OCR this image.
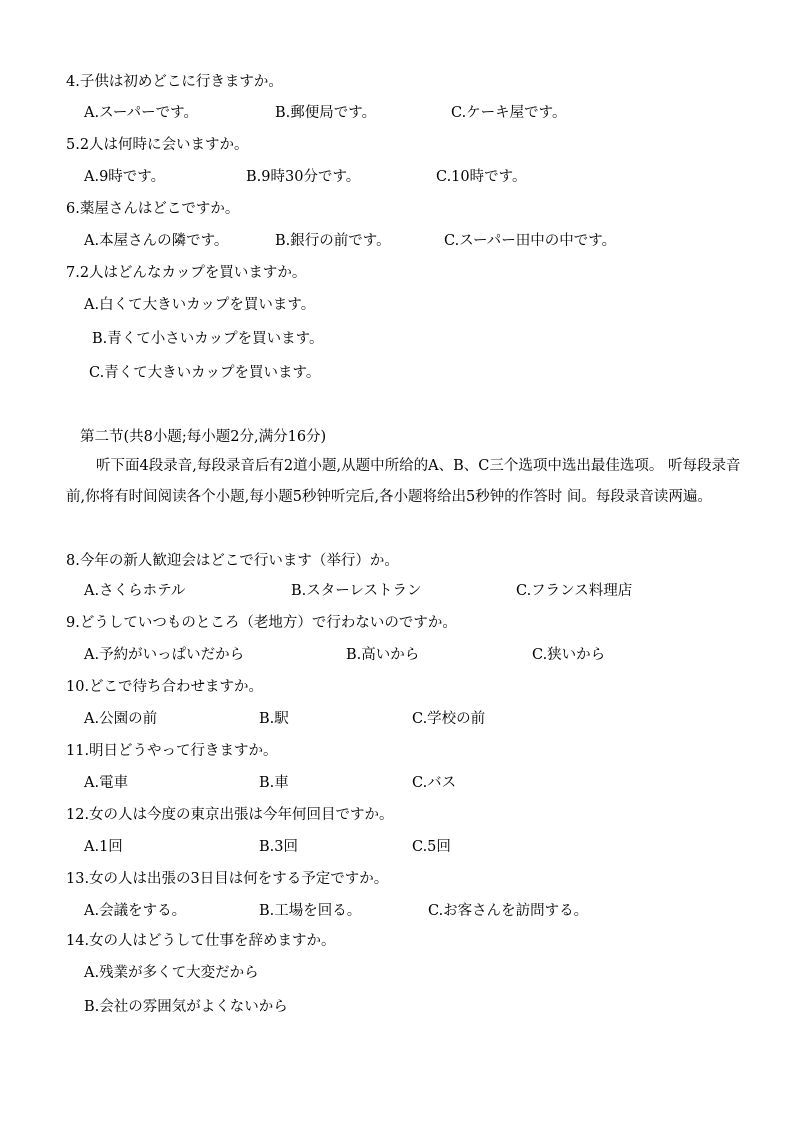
4.子供は初めどこに行きますか。
A.スーパーです。	B.郵便局です。	C.ケーキ屋です。
5.2人は何時に会いますか。
A.9時です。	B.9時30分です。	C.10時です。
6.薬屋さんはどこですか。
A.本屋さんの隣です。	B.銀行の前です。	C.スーパー田中の中です。
7.2人はどんなカップを買いますか。
A.白くて大きいカップを買います。
B.青くて小さいカップを買います。
C.青くて大きいカップを買います。
第二节(共8小题;每小题2分,满分16分)
听下面4段录音,每段录音后有2道小题,从题中所给的A、B、C三个选项中选出最佳选项。 听每段录音前,你将有时间阅读各个小题,每小题5秒钟听完后,各小题将给出5秒钟的作答时 间。每段录音读两遍。
8.今年の新人歓迎会はどこで行います（举行）か。
A.さくらホテル	B.スターレストラン	C.フランス料理店
9.どうしていつものところ（老地方）で行わないのですか。
A.予約がいっぱいだから	B.高いから	C.狭いから
10.どこで待ち合わせますか。
A.公園の前	B.駅	C.学校の前
11.明日どうやって行きますか。
A.電車	B.車	C.バス
12.女の人は今度の東京出張は今年何回目ですか。
A.1回	B.3回	C.5回
13.女の人は出張の3日目は何をする予定ですか。
A.会議をする。	B.工場を回る。	C.お客さんを訪問する。
14.女の人はどうして仕事を辞めますか。
A.残業が多くて大変だから
B.会社の雰囲気がよくないから
